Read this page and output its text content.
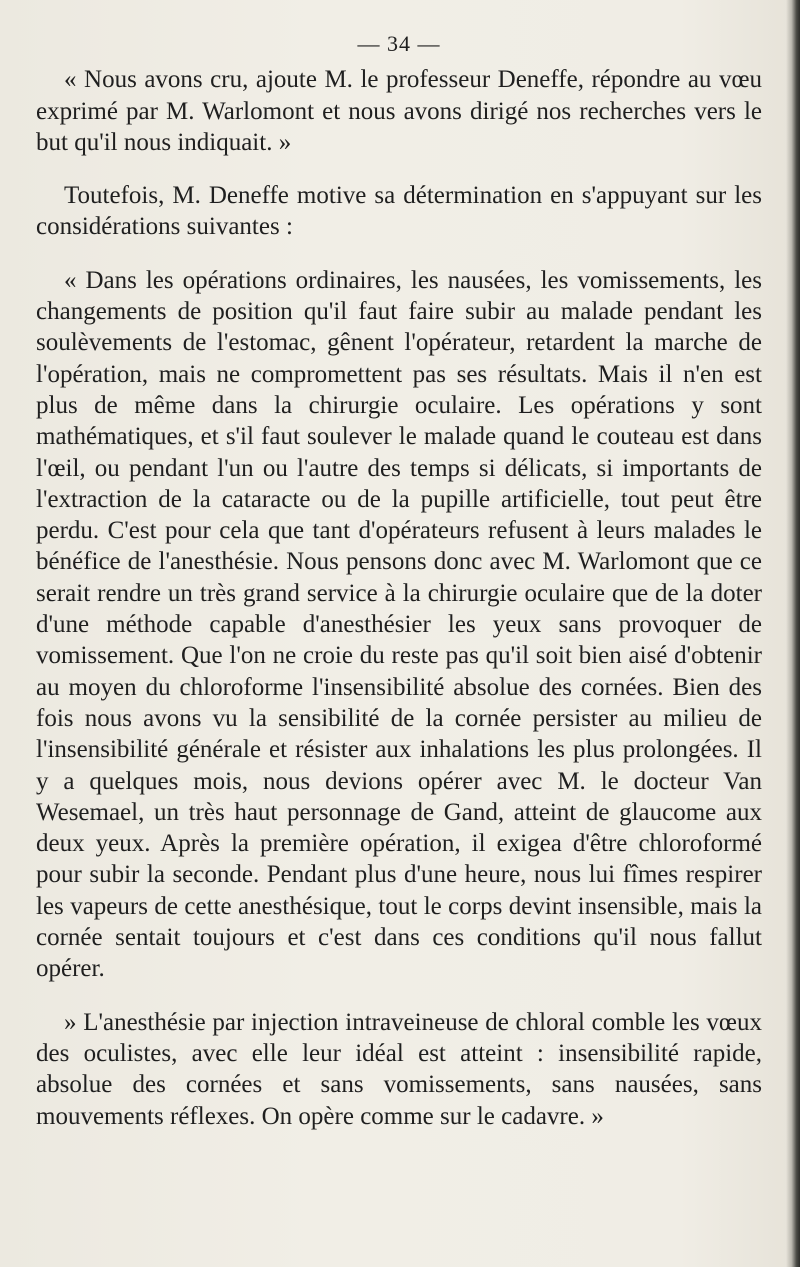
— 34 —

« Nous avons cru, ajoute M. le professeur Deneffe, répondre au vœu exprimé par M. Warlomont et nous avons dirigé nos recherches vers le but qu'il nous indiquait. »

Toutefois, M. Deneffe motive sa détermination en s'appuyant sur les considérations suivantes :

« Dans les opérations ordinaires, les nausées, les vomissements, les changements de position qu'il faut faire subir au malade pendant les soulèvements de l'estomac, gênent l'opérateur, retardent la marche de l'opération, mais ne compromettent pas ses résultats. Mais il n'en est plus de même dans la chirurgie oculaire. Les opérations y sont mathématiques, et s'il faut soulever le malade quand le couteau est dans l'œil, ou pendant l'un ou l'autre des temps si délicats, si importants de l'extraction de la cataracte ou de la pupille artificielle, tout peut être perdu. C'est pour cela que tant d'opérateurs refusent à leurs malades le bénéfice de l'anesthésie. Nous pensons donc avec M. Warlomont que ce serait rendre un très grand service à la chirurgie oculaire que de la doter d'une méthode capable d'anesthésier les yeux sans provoquer de vomissement. Que l'on ne croie du reste pas qu'il soit bien aisé d'obtenir au moyen du chloroforme l'insensibilité absolue des cornées. Bien des fois nous avons vu la sensibilité de la cornée persister au milieu de l'insensibilité générale et résister aux inhalations les plus prolongées. Il y a quelques mois, nous devions opérer avec M. le docteur Van Wesemael, un très haut personnage de Gand, atteint de glaucome aux deux yeux. Après la première opération, il exigea d'être chloroformé pour subir la seconde. Pendant plus d'une heure, nous lui fîmes respirer les vapeurs de cette anesthésique, tout le corps devint insensible, mais la cornée sentait toujours et c'est dans ces conditions qu'il nous fallut opérer.

» L'anesthésie par injection intraveineuse de chloral comble les vœux des oculistes, avec elle leur idéal est atteint : insensibilité rapide, absolue des cornées et sans vomissements, sans nausées, sans mouvements réflexes. On opère comme sur le cadavre. »
